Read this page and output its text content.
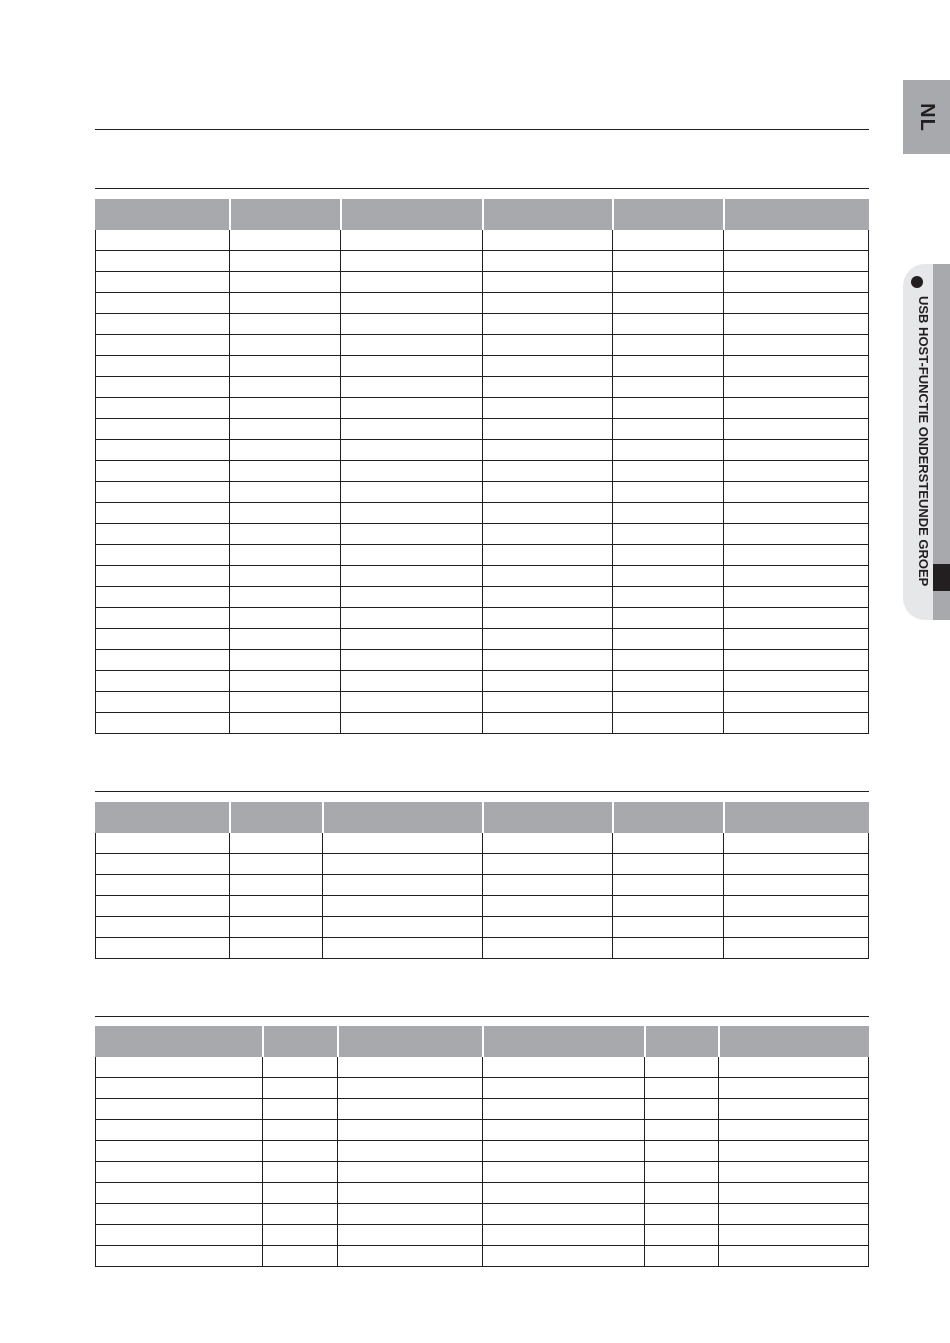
NL
USB HOST-FUNCTIE ONDERSTEUNDE GROEP
